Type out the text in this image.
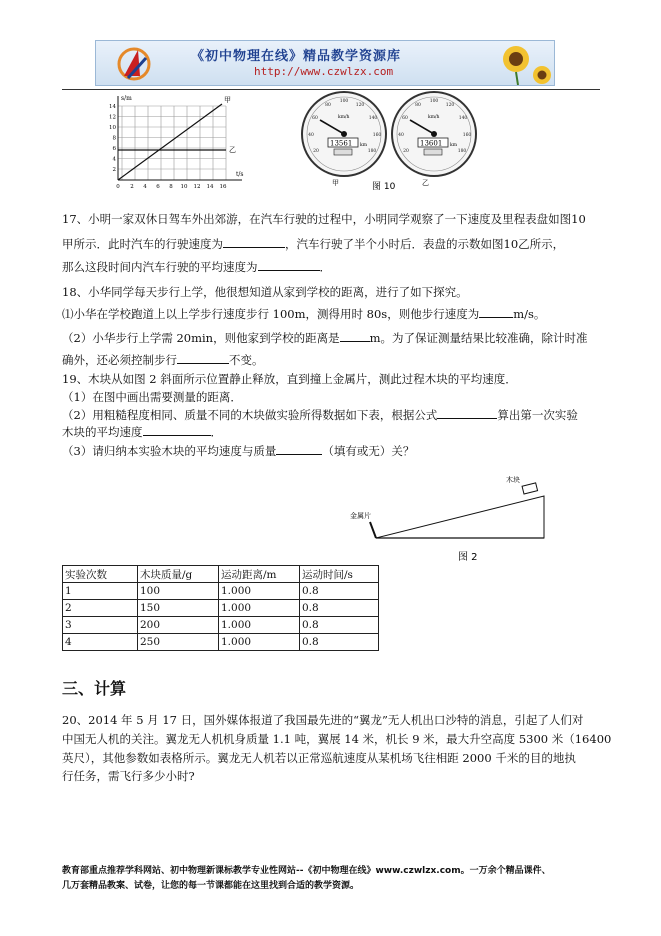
《初中物理在线》精品教学资源库
http://www.czwlzx.com
s/m
t/s
甲
乙
14
12
10
8
6
4
2
0 2 4 6 8 10 12 14 16
20
40
60
80
100
120
140
160
180
km/h
13561 km
20
40
60
80
100
120
140
160
180
km/h
13601 km
甲	乙
图 10
17、小明一家双休日驾车外出郊游，在汽车行驶的过程中，小明同学观察了一下速度及里程表盘如图10
甲所示．此时汽车的行驶速度为	，汽车行驶了半个小时后．表盘的示数如图10乙所示，
那么这段时间内汽车行驶的平均速度为	．
18、小华同学每天步行上学，他很想知道从家到学校的距离，进行了如下探究。
⑴小华在学校跑道上以上学步行速度步行 100m，测得用时 80s，则他步行速度为	m/s。
（2）小华步行上学需 20min，则他家到学校的距离是	m。为了保证测量结果比较准确，除计时准
确外，还必须控制步行	不变。
19、木块从如图 2 斜面所示位置静止释放，直到撞上金属片，测此过程木块的平均速度．
（1）在图中画出需要测量的距离．
（2）用粗糙程度相同、质量不同的木块做实验所得数据如下表，根据公式	算出第一次实验
木块的平均速度	．
（3）请归纳本实验木块的平均速度与质量	（填有或无）关？
木块
金属片
图 2
实验次数	木块质量/g	运动距离/m	运动时间/s
1	100	1.000	0.8
2	150	1.000	0.8
3	200	1.000	0.8
4	250	1.000	0.8
三、计算
20、2014 年 5 月 17 日，国外媒体报道了我国最先进的“翼龙”无人机出口沙特的消息，引起了人们对
中国无人机的关注。翼龙无人机机身质量 1.1 吨，翼展 14 米，机长 9 米，最大升空高度 5300 米（16400
英尺），其他参数如表格所示。翼龙无人机若以正常巡航速度从某机场飞往相距 2000 千米的目的地执
行任务，需飞行多少小时?
教育部重点推荐学科网站、初中物理新课标教学专业性网站--《初中物理在线》www.czwlzx.com。一万余个精品课件、
几万套精品教案、试卷，让您的每一节课都能在这里找到合适的教学资源。
